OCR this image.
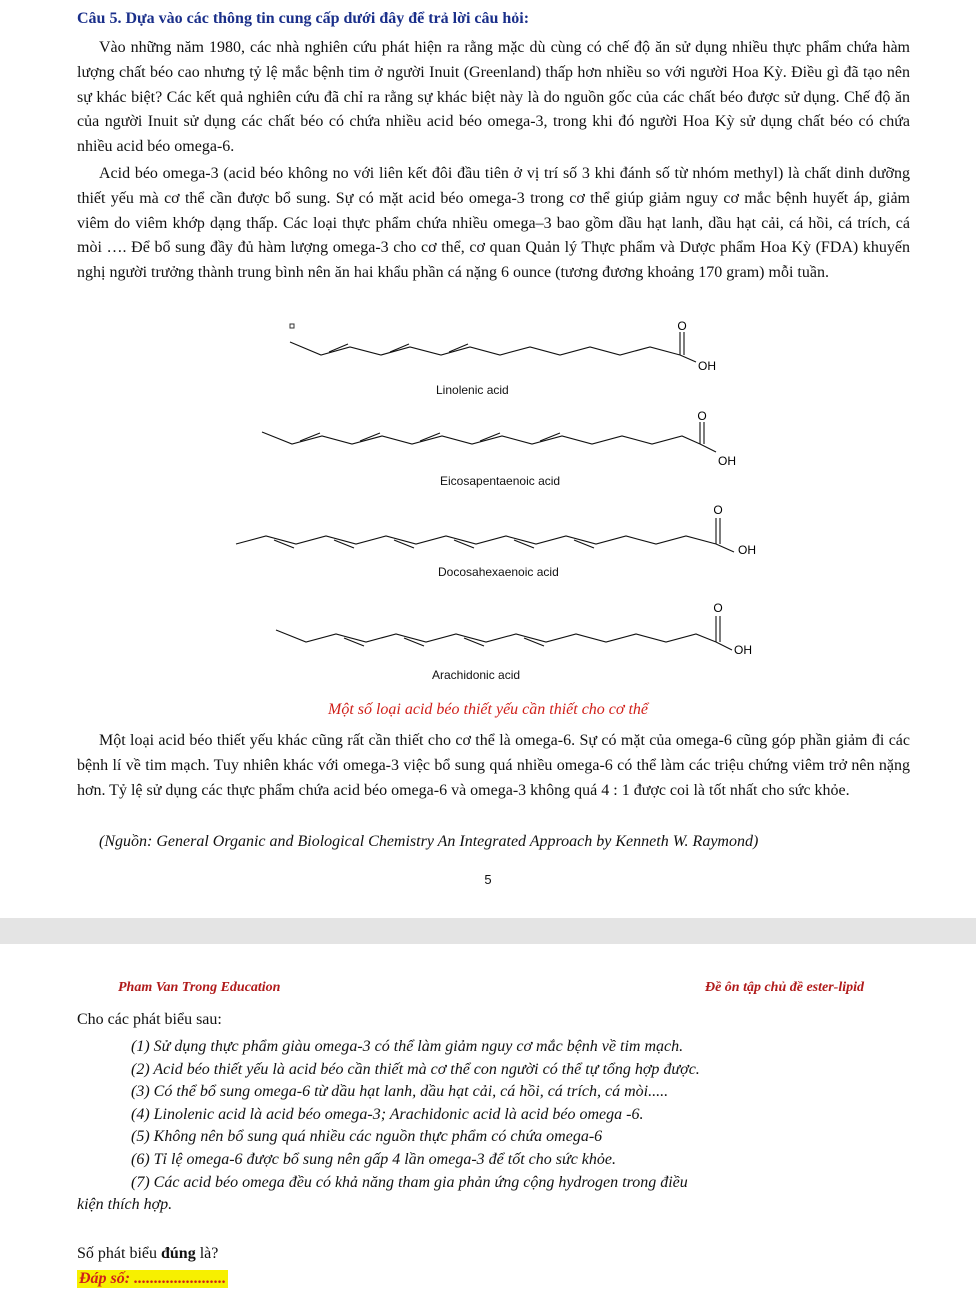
Câu 5. Dựa vào các thông tin cung cấp dưới đây để trả lời câu hỏi:
Vào những năm 1980, các nhà nghiên cứu phát hiện ra rằng mặc dù cùng có chế độ ăn sử dụng nhiều thực phẩm chứa hàm lượng chất béo cao nhưng tỷ lệ mắc bệnh tim ở người Inuit (Greenland) thấp hơn nhiều so với người Hoa Kỳ. Điều gì đã tạo nên sự khác biệt? Các kết quả nghiên cứu đã chỉ ra rằng sự khác biệt này là do nguồn gốc của các chất béo được sử dụng. Chế độ ăn của người Inuit sử dụng các chất béo có chứa nhiều acid béo omega-3, trong khi đó người Hoa Kỳ sử dụng chất béo có chứa nhiều acid béo omega-6.
Acid béo omega-3 (acid béo không no với liên kết đôi đầu tiên ở vị trí số 3 khi đánh số từ nhóm methyl) là chất dinh dưỡng thiết yếu mà cơ thể cần được bổ sung. Sự có mặt acid béo omega-3 trong cơ thể giúp giảm nguy cơ mắc bệnh huyết áp, giảm viêm do viêm khớp dạng thấp. Các loại thực phẩm chứa nhiều omega–3 bao gồm dầu hạt lanh, dầu hạt cải, cá hồi, cá trích, cá mòi …. Để bổ sung đầy đủ hàm lượng omega-3 cho cơ thể, cơ quan Quản lý Thực phẩm và Dược phẩm Hoa Kỳ (FDA) khuyến nghị người trưởng thành trung bình nên ăn hai khẩu phần cá nặng 6 ounce (tương đương khoảng 170 gram) mỗi tuần.
O
OH
Linolenic acid
O
OH
Eicosapentaenoic acid
O
OH
Docosahexaenoic acid
O
OH
Arachidonic acid
Một số loại acid béo thiết yếu cần thiết cho cơ thể
Một loại acid béo thiết yếu khác cũng rất cần thiết cho cơ thể là omega-6. Sự có mặt của omega-6 cũng góp phần giảm đi các bệnh lí về tim mạch. Tuy nhiên khác với omega-3 việc bổ sung quá nhiều omega-6 có thể làm các triệu chứng viêm trở nên nặng hơn. Tỷ lệ sử dụng các thực phẩm chứa acid béo omega-6 và omega-3 không quá 4 : 1 được coi là tốt nhất cho sức khỏe.
(Nguồn: General Organic and Biological Chemistry An Integrated Approach by Kenneth W. Raymond)
5
Pham Van Trong Education	Đề ôn tập chủ đề ester-lipid
Cho các phát biểu sau:
(1) Sử dụng thực phẩm giàu omega-3 có thể làm giảm nguy cơ mắc bệnh về tim mạch.
(2) Acid béo thiết yếu là acid béo cần thiết mà cơ thể con người có thể tự tổng hợp được.
(3) Có thể bổ sung omega-6 từ dầu hạt lanh, dầu hạt cải, cá hồi, cá trích, cá mòi.....
(4) Linolenic acid là acid béo omega-3; Arachidonic acid là acid béo omega -6.
(5) Không nên bổ sung quá nhiều các nguồn thực phẩm có chứa omega-6
(6) Tỉ lệ omega-6 được bổ sung nên gấp 4 lần omega-3 để tốt cho sức khỏe.
(7) Các acid béo omega đều có khả năng tham gia phản ứng cộng hydrogen trong điều
kiện thích hợp.
Số phát biểu đúng là?
Đáp số: .......................
